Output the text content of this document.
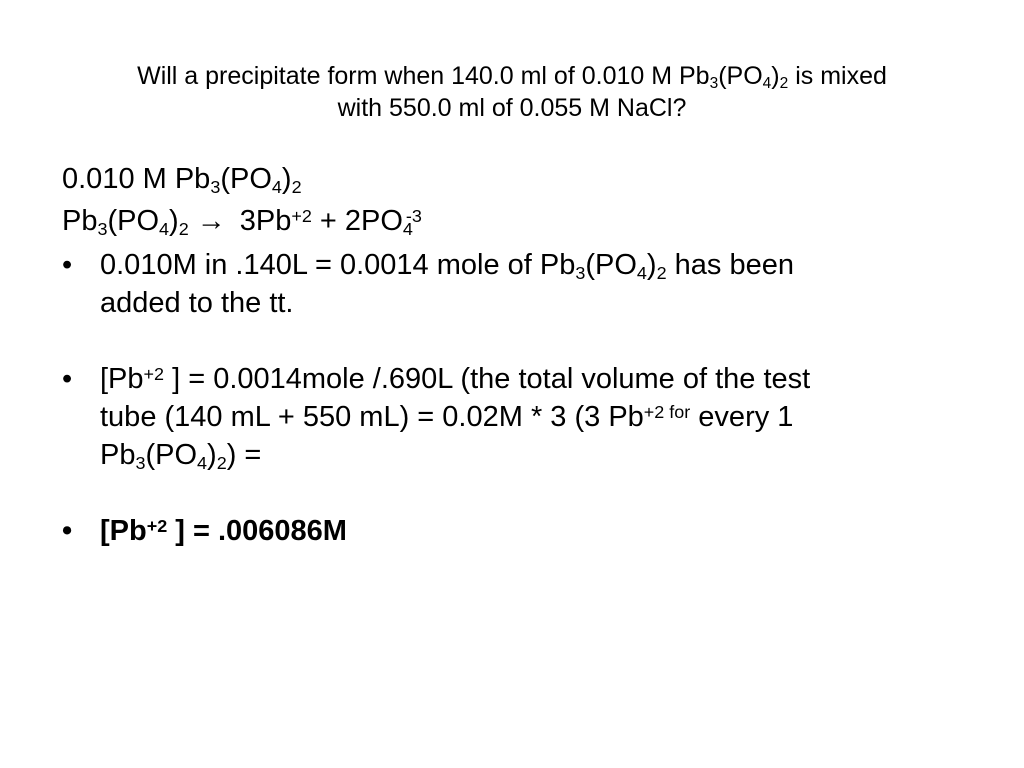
Will a precipitate form when 140.0 ml of 0.010 M $Pb_3(PO_4)_2$ is mixed
with 550.0 ml of 0.055 M NaCl?

0.010 M $Pb_3(PO_4)_2$

$Pb_3(PO_4)_2 \to 3Pb^{+2} + 2PO_4^{-3}$

• 0.010M in .140L = 0.0014 mole of $Pb_3(PO_4)_2$ has been
added to the tt.
• [$Pb^{+2}$ ] = 0.0014mole /.690L (the total volume of the test
tube (140 mL + 550 mL) = 0.02M * 3 (3 $Pb^{+2 for}$ every 1
$Pb_3(PO_4)_2$) =
• [$Pb^{+2}$ ] = .006086M
